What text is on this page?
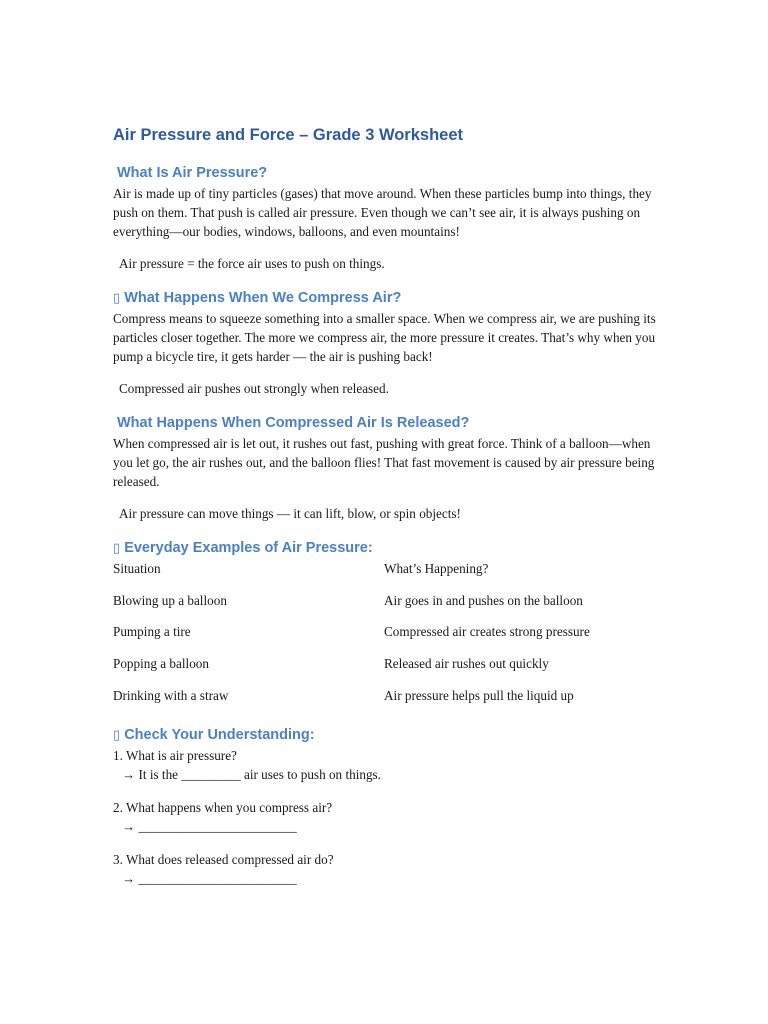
Air Pressure and Force – Grade 3 Worksheet
What Is Air Pressure?

Air is made up of tiny particles (gases) that move around. When these particles bump into things, they push on them. That push is called air pressure. Even though we can’t see air, it is always pushing on everything—our bodies, windows, balloons, and even mountains!

Air pressure = the force air uses to push on things.

▯ What Happens When We Compress Air?

Compress means to squeeze something into a smaller space. When we compress air, we are pushing its particles closer together. The more we compress air, the more pressure it creates. That’s why when you pump a bicycle tire, it gets harder — the air is pushing back!

Compressed air pushes out strongly when released.

What Happens When Compressed Air Is Released?

When compressed air is let out, it rushes out fast, pushing with great force. Think of a balloon—when you let go, the air rushes out, and the balloon flies! That fast movement is caused by air pressure being released.

Air pressure can move things — it can lift, blow, or spin objects!

▯ Everyday Examples of Air Pressure:
Situation	What’s Happening?
Blowing up a balloon	Air goes in and pushes on the balloon
Pumping a tire	Compressed air creates strong pressure
Popping a balloon	Released air rushes out quickly
Drinking with a straw	Air pressure helps pull the liquid up
▯ Check Your Understanding:

1. What is air pressure?

→ It is the _________ air uses to push on things.

2. What happens when you compress air?

→ ________________________

3. What does released compressed air do?

→ ________________________
